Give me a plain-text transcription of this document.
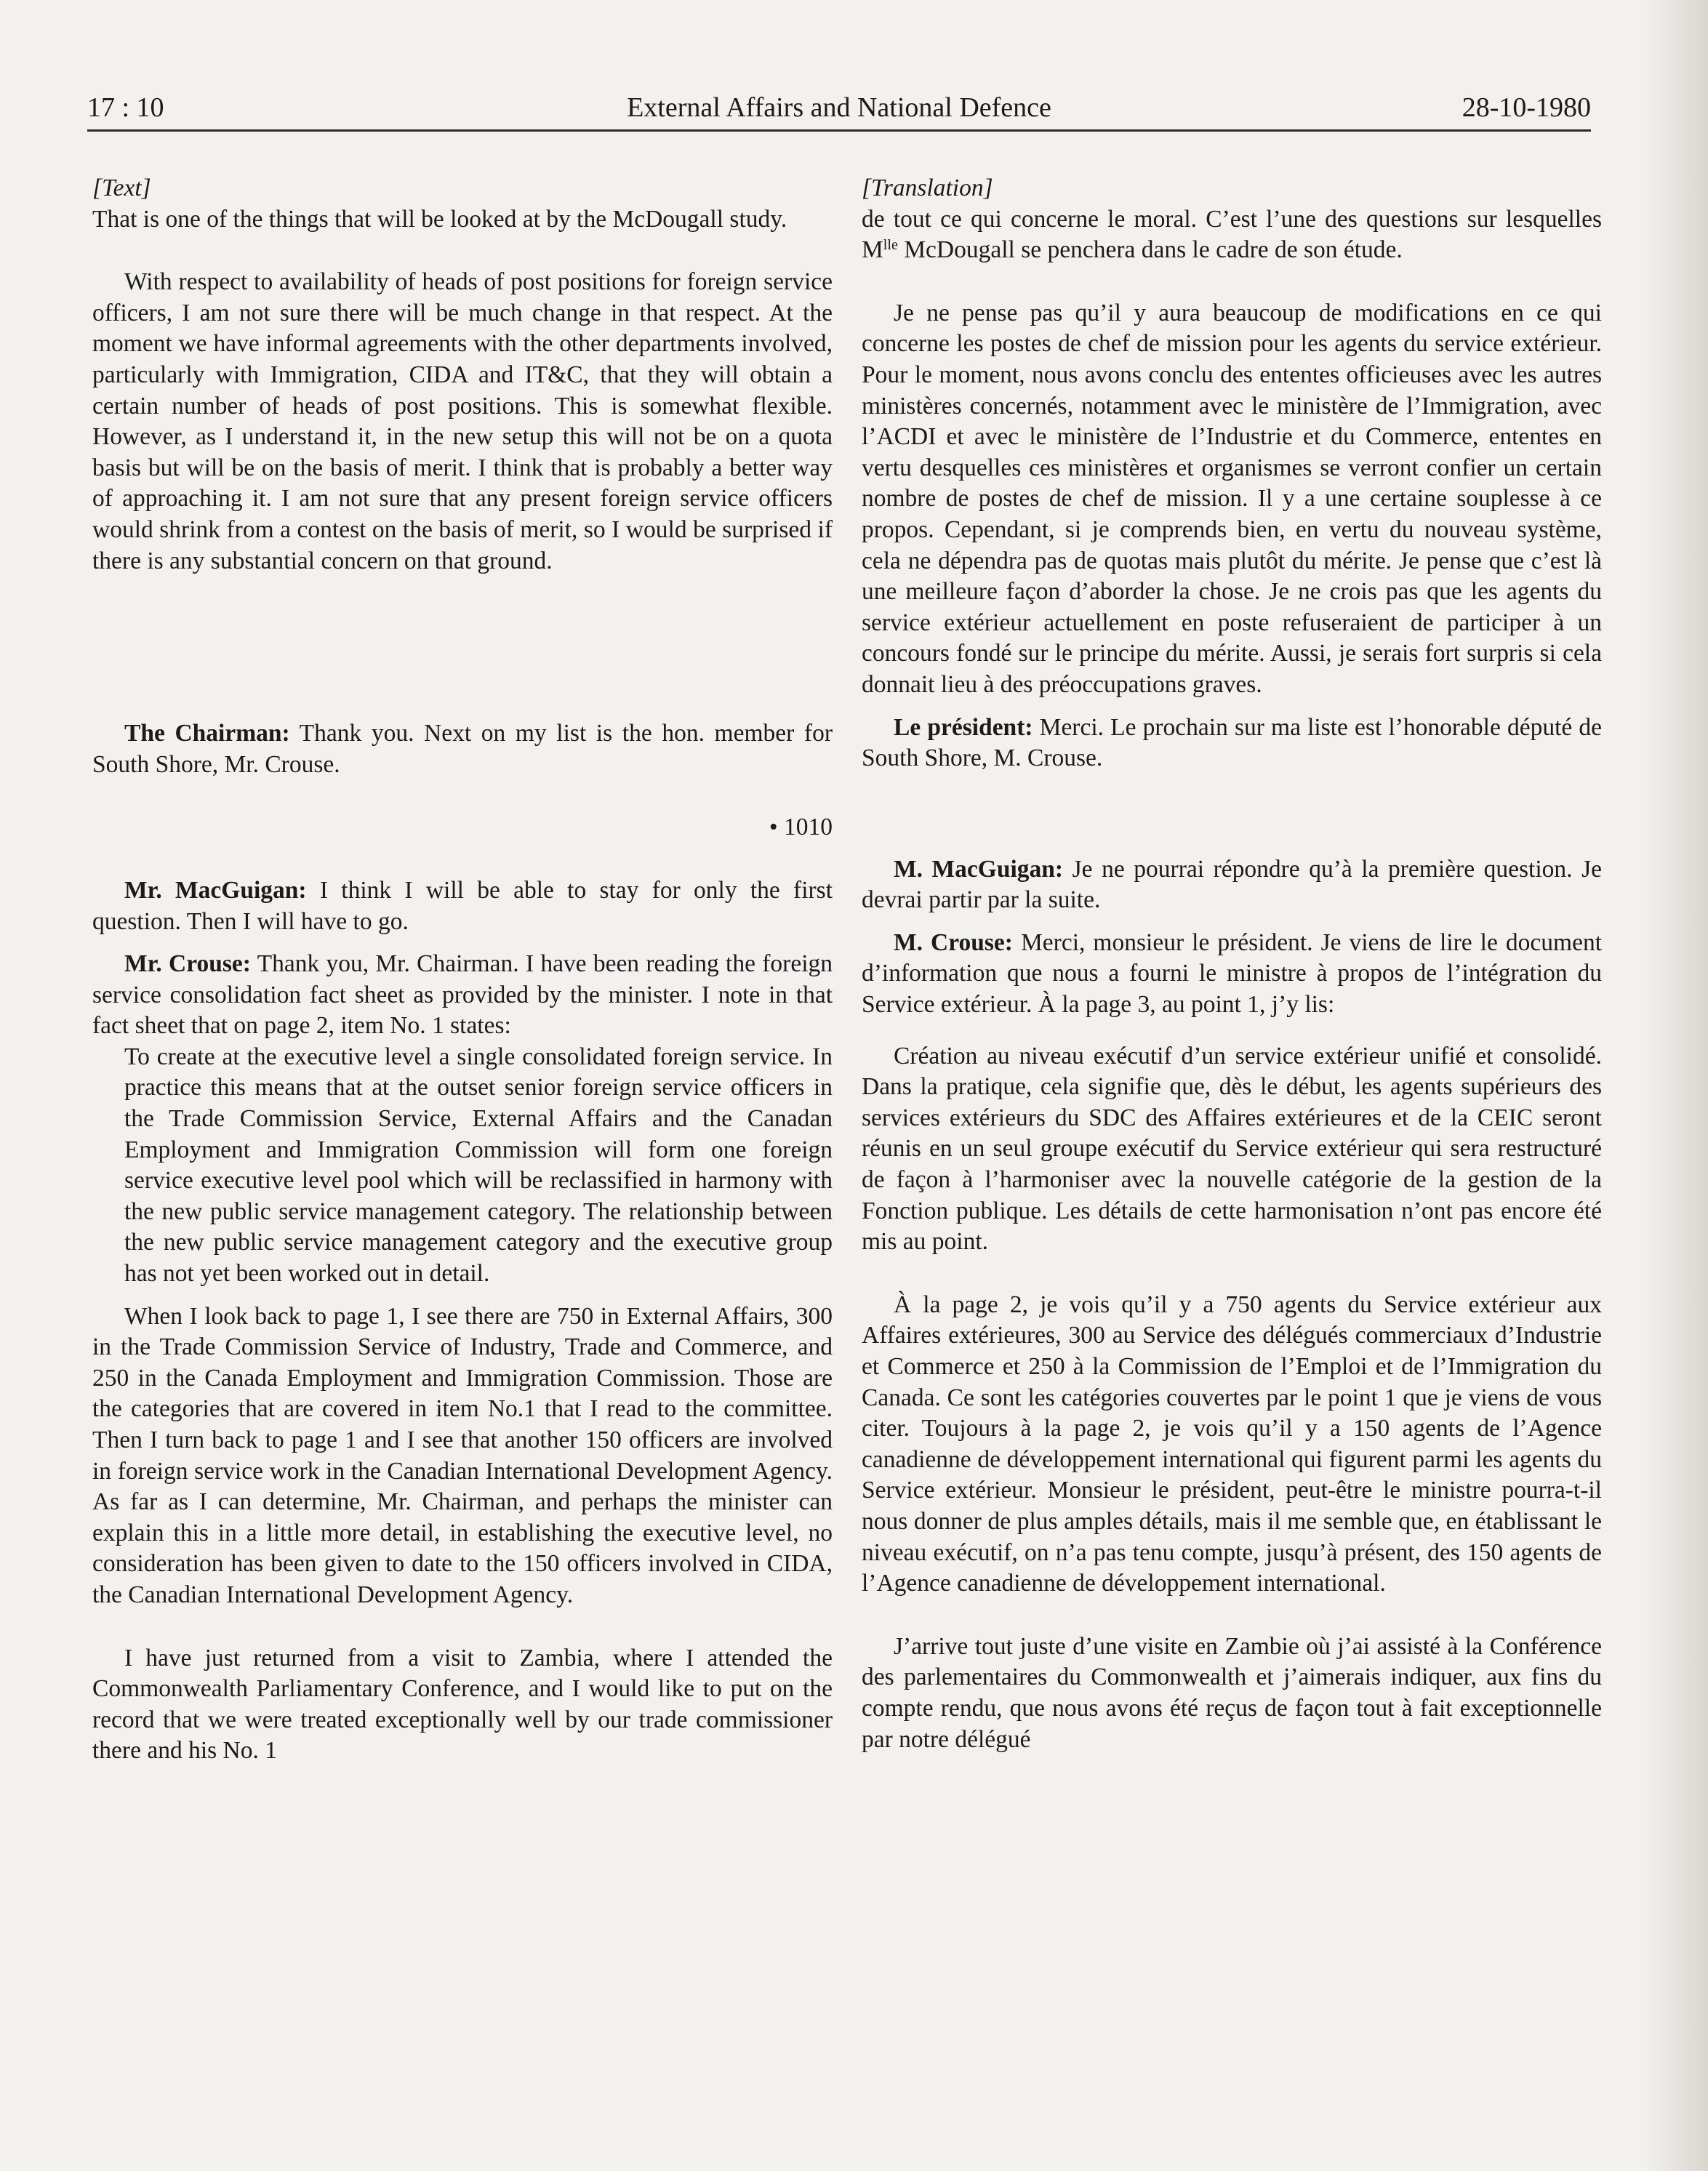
17 : 10	External Affairs and National Defence	28-10-1980

[Text]

That is one of the things that will be looked at by the McDougall study.

With respect to availability of heads of post positions for foreign service officers, I am not sure there will be much change in that respect. At the moment we have informal agreements with the other departments involved, particularly with Immigration, CIDA and IT&C, that they will obtain a certain number of heads of post positions. This is somewhat flexible. However, as I understand it, in the new setup this will not be on a quota basis but will be on the basis of merit. I think that is probably a better way of approaching it. I am not sure that any present foreign service officers would shrink from a contest on the basis of merit, so I would be surprised if there is any substantial concern on that ground.

The Chairman: Thank you. Next on my list is the hon. member for South Shore, Mr. Crouse.

• 1010

Mr. MacGuigan: I think I will be able to stay for only the first question. Then I will have to go.

Mr. Crouse: Thank you, Mr. Chairman. I have been reading the foreign service consolidation fact sheet as provided by the minister. I note in that fact sheet that on page 2, item No. 1 states:

To create at the executive level a single consolidated foreign service. In practice this means that at the outset senior foreign service officers in the Trade Commission Service, External Affairs and the Canadan Employment and Immigration Commission will form one foreign service executive level pool which will be reclassified in harmony with the new public service management category. The relationship between the new public service management category and the executive group has not yet been worked out in detail.

When I look back to page 1, I see there are 750 in External Affairs, 300 in the Trade Commission Service of Industry, Trade and Commerce, and 250 in the Canada Employment and Immigration Commission. Those are the categories that are covered in item No.1 that I read to the committee. Then I turn back to page 1 and I see that another 150 officers are involved in foreign service work in the Canadian International Development Agency. As far as I can determine, Mr. Chairman, and perhaps the minister can explain this in a little more detail, in establishing the executive level, no consideration has been given to date to the 150 officers involved in CIDA, the Canadian International Development Agency.

I have just returned from a visit to Zambia, where I attended the Commonwealth Parliamentary Conference, and I would like to put on the record that we were treated exceptionally well by our trade commissioner there and his No. 1

[Translation]

de tout ce qui concerne le moral. C’est l’une des questions sur lesquelles $M^{lle}$ McDougall se penchera dans le cadre de son étude.

Je ne pense pas qu’il y aura beaucoup de modifications en ce qui concerne les postes de chef de mission pour les agents du service extérieur. Pour le moment, nous avons conclu des ententes officieuses avec les autres ministères concernés, notamment avec le ministère de l’Immigration, avec l’ACDI et avec le ministère de l’Industrie et du Commerce, ententes en vertu desquelles ces ministères et organismes se verront confier un certain nombre de postes de chef de mission. Il y a une certaine souplesse à ce propos. Cependant, si je comprends bien, en vertu du nouveau système, cela ne dépendra pas de quotas mais plutôt du mérite. Je pense que c’est là une meilleure façon d’aborder la chose. Je ne crois pas que les agents du service extérieur actuellement en poste refuseraient de participer à un concours fondé sur le principe du mérite. Aussi, je serais fort surpris si cela donnait lieu à des préoccupations graves.

Le président: Merci. Le prochain sur ma liste est l’honorable député de South Shore, M. Crouse.

M. MacGuigan: Je ne pourrai répondre qu’à la première question. Je devrai partir par la suite.

M. Crouse: Merci, monsieur le président. Je viens de lire le document d’information que nous a fourni le ministre à propos de l’intégration du Service extérieur. À la page 3, au point 1, j’y lis:

Création au niveau exécutif d’un service extérieur unifié et consolidé. Dans la pratique, cela signifie que, dès le début, les agents supérieurs des services extérieurs du SDC des Affaires extérieures et de la CEIC seront réunis en un seul groupe exécutif du Service extérieur qui sera restructuré de façon à l’harmoniser avec la nouvelle catégorie de la gestion de la Fonction publique. Les détails de cette harmonisation n’ont pas encore été mis au point.

À la page 2, je vois qu’il y a 750 agents du Service extérieur aux Affaires extérieures, 300 au Service des délégués commerciaux d’Industrie et Commerce et 250 à la Commission de l’Emploi et de l’Immigration du Canada. Ce sont les catégories couvertes par le point 1 que je viens de vous citer. Toujours à la page 2, je vois qu’il y a 150 agents de l’Agence canadienne de développement international qui figurent parmi les agents du Service extérieur. Monsieur le président, peut-être le ministre pourra-t-il nous donner de plus amples détails, mais il me semble que, en établissant le niveau exécutif, on n’a pas tenu compte, jusqu’à présent, des 150 agents de l’Agence canadienne de développement international.

J’arrive tout juste d’une visite en Zambie où j’ai assisté à la Conférence des parlementaires du Commonwealth et j’aimerais indiquer, aux fins du compte rendu, que nous avons été reçus de façon tout à fait exceptionnelle par notre délégué
